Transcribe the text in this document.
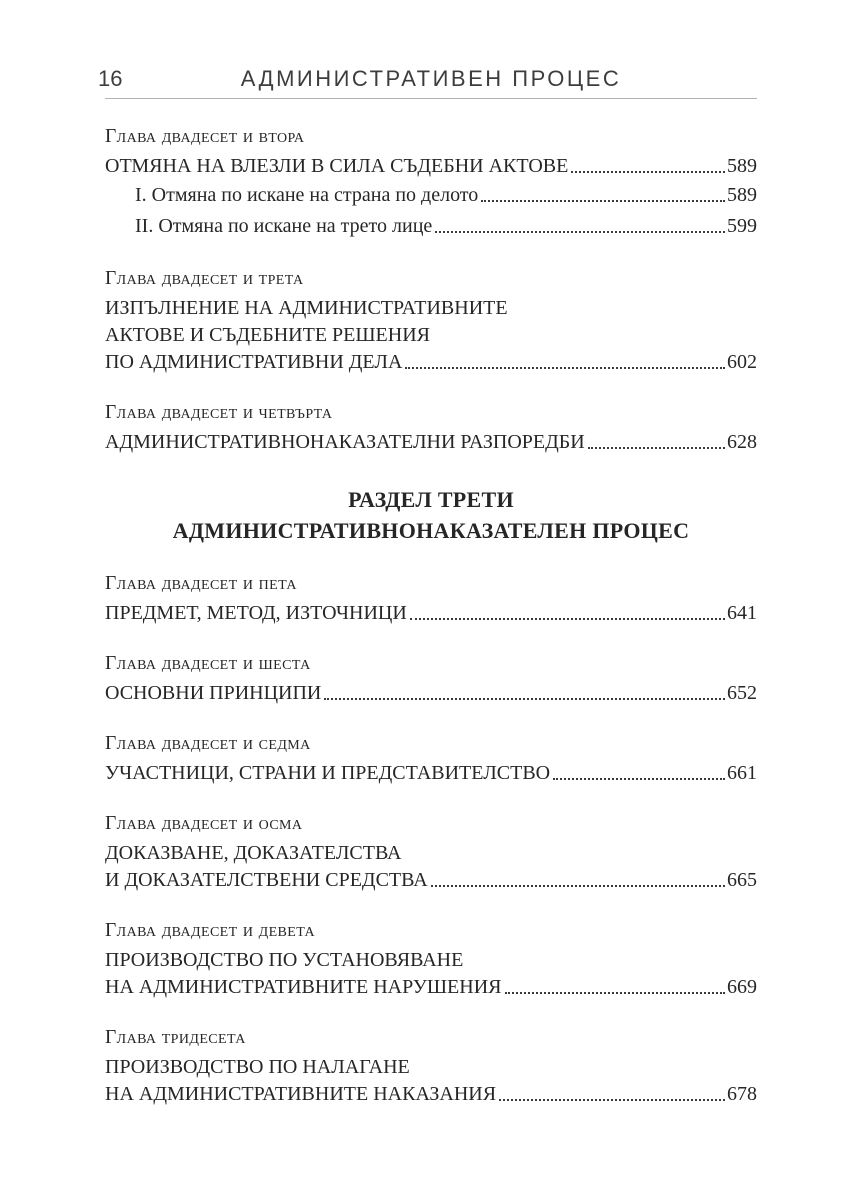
16	АДМИНИСТРАТИВЕН ПРОЦЕС
Глава двадесет и втора
ОТМЯНА НА ВЛЕЗЛИ В СИЛА СЪДЕБНИ АКТОВЕ	589
I. Отмяна по искане на страна по делото	589
II. Отмяна по искане на трето лице	599
Глава двадесет и трета
ИЗПЪЛНЕНИЕ НА АДМИНИСТРАТИВНИТЕ
АКТОВЕ И СЪДЕБНИТЕ РЕШЕНИЯ
ПО АДМИНИСТРАТИВНИ ДЕЛА	602
Глава двадесет и четвърта
АДМИНИСТРАТИВНОНАКАЗАТЕЛНИ РАЗПОРЕДБИ	628
РАЗДЕЛ ТРЕТИ
АДМИНИСТРАТИВНОНАКАЗАТЕЛЕН ПРОЦЕС
Глава двадесет и пета
ПРЕДМЕТ, МЕТОД, ИЗТОЧНИЦИ	641
Глава двадесет и шеста
ОСНОВНИ ПРИНЦИПИ	652
Глава двадесет и седма
УЧАСТНИЦИ, СТРАНИ И ПРЕДСТАВИТЕЛСТВО	661
Глава двадесет и осма
ДОКАЗВАНЕ, ДОКАЗАТЕЛСТВА
И ДОКАЗАТЕЛСТВЕНИ СРЕДСТВА	665
Глава двадесет и девета
ПРОИЗВОДСТВО ПО УСТАНОВЯВАНЕ
НА АДМИНИСТРАТИВНИТЕ НАРУШЕНИЯ	669
Глава тридесета
ПРОИЗВОДСТВО ПО НАЛАГАНЕ
НА АДМИНИСТРАТИВНИТЕ НАКАЗАНИЯ	678
